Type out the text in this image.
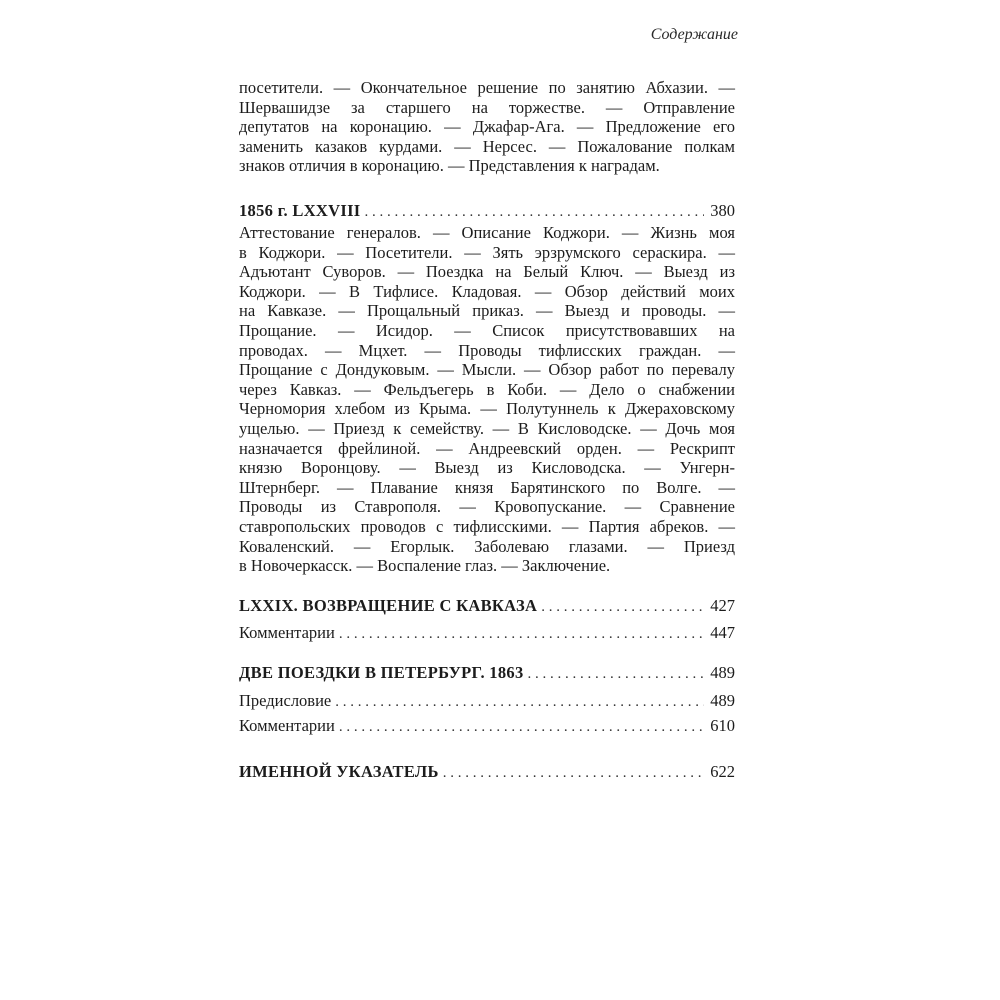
Содержание
посетители. — Окончательное решение по занятию Абхазии. —
Шервашидзе за старшего на торжестве. — Отправление
депутатов на коронацию. — Джафар-Ага. — Предложение его
заменить казаков курдами. — Нерсес. — Пожалование полкам
знаков отличия в коронацию. — Представления к наградам.
1856 г. LXXVIII . . .	380
Аттестование генералов. — Описание Коджори. — Жизнь моя
в Коджори. — Посетители. — Зять эрзрумского сераскира. —
Адъютант Суворов. — Поездка на Белый Ключ. — Выезд из
Коджори. — В Тифлисе. Кладовая. — Обзор действий моих
на Кавказе. — Прощальный приказ. — Выезд и проводы. —
Прощание. — Исидор. — Список присутствовавших на
проводах. — Мцхет. — Проводы тифлисских граждан. —
Прощание с Дондуковым. — Мысли. — Обзор работ по перевалу
через Кавказ. — Фельдъегерь в Коби. — Дело о снабжении
Черномория хлебом из Крыма. — Полутуннель к Джераховскому
ущелью. — Приезд к семейству. — В Кисловодске. — Дочь моя
назначается фрейлиной. — Андреевский орден. — Рескрипт
князю Воронцову. — Выезд из Кисловодска. — Унгерн-
Штернберг. — Плавание князя Барятинского по Волге. —
Проводы из Ставрополя. — Кровопускание. — Сравнение
ставропольских проводов с тифлисскими. — Партия абреков. —
Коваленский. — Егорлык. Заболеваю глазами. — Приезд
в Новочеркасск. — Воспаление глаз. — Заключение.
LXXIX. ВОЗВРАЩЕНИЕ С КАВКАЗА . . .	427
Комментарии . . .	447
ДВЕ ПОЕЗДКИ В ПЕТЕРБУРГ. 1863 . . .	489
Предисловие . . .	489
Комментарии . . .	610
ИМЕННОЙ УКАЗАТЕЛЬ . . .	622
